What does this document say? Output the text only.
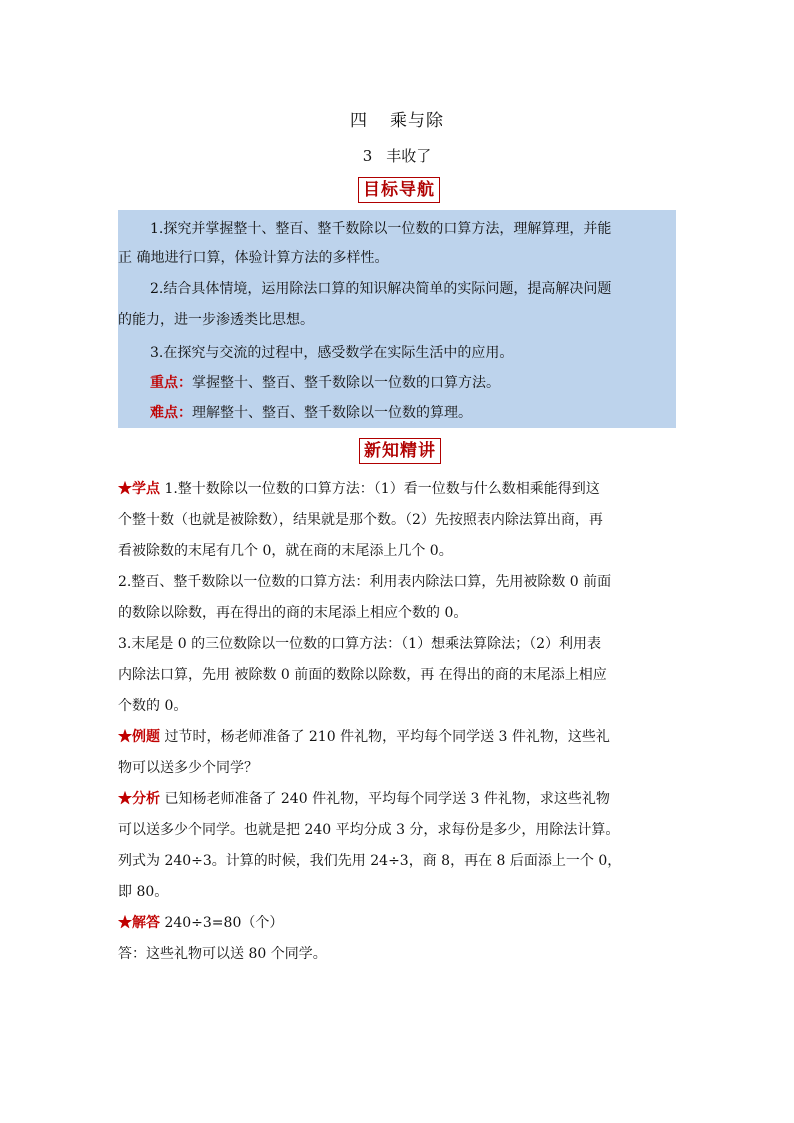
四 乘与除
3 丰收了
目标导航

1.探究并掌握整十、整百、整千数除以一位数的口算方法，理解算理，并能

正 确地进行口算，体验计算方法的多样性。

2.结合具体情境，运用除法口算的知识解决简单的实际问题，提高解决问题

的能力，进一步渗透类比思想。

3.在探究与交流的过程中，感受数学在实际生活中的应用。

重点：掌握整十、整百、整千数除以一位数的口算方法。

难点：理解整十、整百、整千数除以一位数的算理。

新知精讲

★学点 1.整十数除以一位数的口算方法：（1）看一位数与什么数相乘能得到这

个整十数（也就是被除数），结果就是那个数。（2）先按照表内除法算出商，再

看被除数的末尾有几个 0，就在商的末尾添上几个 0。

2.整百、整千数除以一位数的口算方法：利用表内除法口算，先用被除数 0 前面

的数除以除数，再在得出的商的末尾添上相应个数的 0。

3.末尾是 0 的三位数除以一位数的口算方法：（1）想乘法算除法；（2）利用表

内除法口算，先用 被除数 0 前面的数除以除数，再 在得出的商的末尾添上相应

个数的 0。

★例题 过节时，杨老师准备了 210 件礼物，平均每个同学送 3 件礼物，这些礼

物可以送多少个同学？

★分析 已知杨老师准备了 240 件礼物，平均每个同学送 3 件礼物，求这些礼物

可以送多少个同学。也就是把 240 平均分成 3 分，求每份是多少，用除法计算。

列式为 240÷3。计算的时候，我们先用 24÷3，商 8，再在 8 后面添上一个 0，

即 80。

★解答 240÷3=80（个）

答：这些礼物可以送 80 个同学。
